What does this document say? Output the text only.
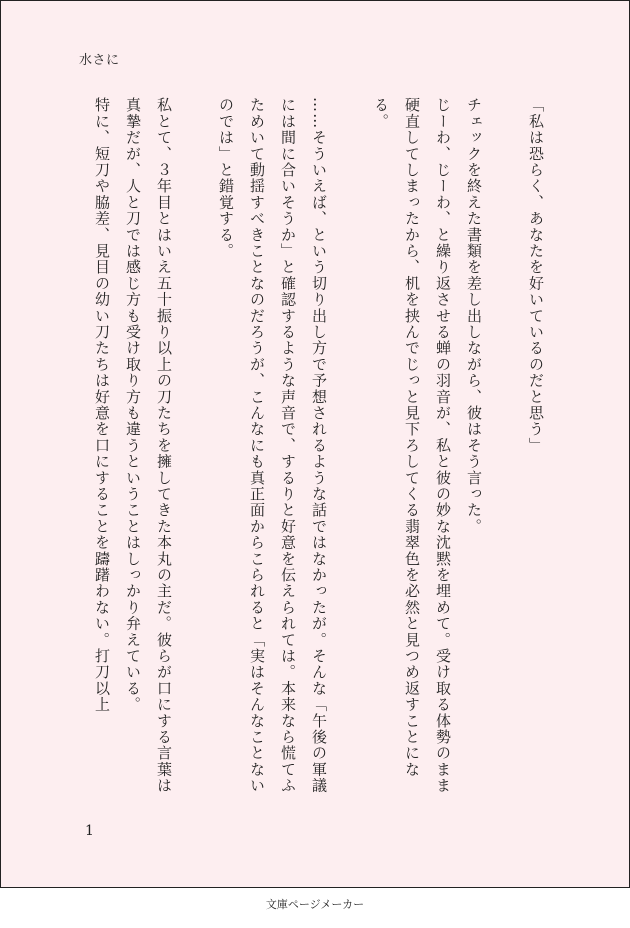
水さに

「私は恐らく、あなたを好いているのだと思う」

チェックを終えた書類を差し出しながら、彼はそう言った。

じーわ、じーわ、と繰り返させる蝉の羽音が、私と彼の妙な沈黙を埋めて。受け取る体勢のまま硬直してしまったから、机を挟んでじっと見下ろしてくる翡翠色を必然と見つめ返すことになる。

……そういえば、という切り出し方で予想されるような話ではなかったが。そんな「午後の軍議には間に合いそうか」と確認するような声音で、するりと好意を伝えられては。本来なら慌てふためいて動揺すべきことなのだろうが、こんなにも真正面からこられると「実はそんなことないのでは」と錯覚する。

私とて、３年目とはいえ五十振り以上の刀たちを擁してきた本丸の主だ。彼らが口にする言葉は真摯だが、人と刀では感じ方も受け取り方も違うということはしっかり弁えている。

特に、短刀や脇差、見目の幼い刀たちは好意を口にすることを躊躇わない。打刀以上

1
文庫ページメーカー
